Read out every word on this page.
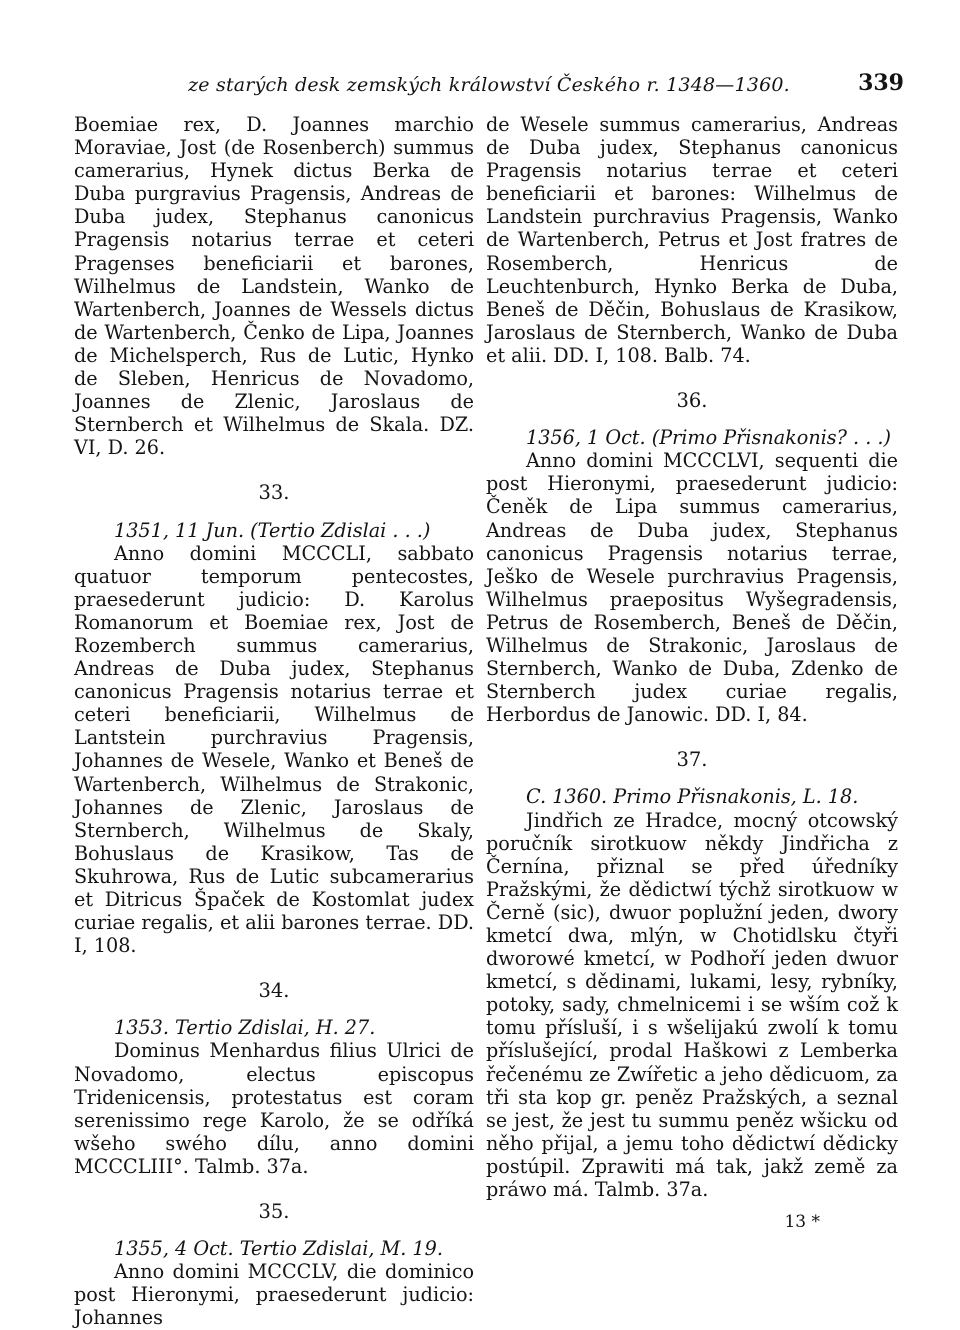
ze starých desk zemských králowství Českého r. 1348—1360.	339

Boemiae rex, D. Joannes marchio Moraviae, Jost (de Rosenberch) summus camerarius, Hynek dictus Berka de Duba purgravius Pragensis, Andreas de Duba judex, Stephanus canonicus Pragensis notarius terrae et ceteri Pragenses beneficiarii et barones, Wilhelmus de Landstein, Wanko de Wartenberch, Joannes de Wessels dictus de Wartenberch, Čenko de Lipa, Joannes de Michelsperch, Rus de Lutic, Hynko de Sleben, Henricus de Novadomo, Joannes de Zlenic, Jaroslaus de Sternberch et Wilhelmus de Skala. DZ. VI, D. 26.

33.

1351, 11 Jun. (Tertio Zdislai . . .)

Anno domini MCCCLI, sabbato quatuor temporum pentecostes, praesederunt judicio: D. Karolus Romanorum et Boemiae rex, Jost de Rozemberch summus camerarius, Andreas de Duba judex, Stephanus canonicus Pragensis notarius terrae et ceteri beneficiarii, Wilhelmus de Lantstein purchravius Pragensis, Johannes de Wesele, Wanko et Beneš de Wartenberch, Wilhelmus de Strakonic, Johannes de Zlenic, Jaroslaus de Sternberch, Wilhelmus de Skaly, Bohuslaus de Krasikow, Tas de Skuhrowa, Rus de Lutic subcamerarius et Ditricus Špaček de Kostomlat judex curiae regalis, et alii barones terrae. DD. I, 108.

34.

1353. Tertio Zdislai, H. 27.

Dominus Menhardus filius Ulrici de Novadomo, electus episcopus Tridenicensis, protestatus est coram serenissimo rege Karolo, že se odříká wšeho swého dílu, anno domini MCCCLIII°. Talmb. 37a.

35.

1355, 4 Oct. Tertio Zdislai, M. 19.

Anno domini MCCCLV, die dominico post Hieronymi, praesederunt judicio: Johannes

de Wesele summus camerarius, Andreas de Duba judex, Stephanus canonicus Pragensis notarius terrae et ceteri beneficiarii et barones: Wilhelmus de Landstein purchravius Pragensis, Wanko de Wartenberch, Petrus et Jost fratres de Rosemberch, Henricus de Leuchtenburch, Hynko Berka de Duba, Beneš de Děčin, Bohuslaus de Krasikow, Jaroslaus de Sternberch, Wanko de Duba et alii. DD. I, 108. Balb. 74.

36.

1356, 1 Oct. (Primo Přisnakonis? . . .)

Anno domini MCCCLVI, sequenti die post Hieronymi, praesederunt judicio: Čeněk de Lipa summus camerarius, Andreas de Duba judex, Stephanus canonicus Pragensis notarius terrae, Ješko de Wesele purchravius Pragensis, Wilhelmus praepositus Wyšegradensis, Petrus de Rosemberch, Beneš de Děčin, Wilhelmus de Strakonic, Jaroslaus de Sternberch, Wanko de Duba, Zdenko de Sternberch judex curiae regalis, Herbordus de Janowic. DD. I, 84.

37.

C. 1360. Primo Přisnakonis, L. 18.

Jindřich ze Hradce, mocný otcowský poručník sirotkuow někdy Jindřicha z Černína, přiznal se před úředníky Pražskými, že dědictwí týchž sirotkuow w Černě (sic), dwuor poplužní jeden, dwory kmetcí dwa, mlýn, w Chotidlsku čtyři dworowé kmetcí, w Podhoří jeden dwuor kmetcí, s dědinami, lukami, lesy, rybníky, potoky, sady, chmelnicemi i se wším což k tomu přísluší, i s wšelijakú zwolí k tomu příslušející, prodal Haškowi z Lemberka řečenému ze Zwířetic a jeho dědicuom, za tři sta kop gr. peněz Pražských, a seznal se jest, že jest tu summu peněz wšicku od něho přijal, a jemu toho dědictwí dědicky postúpil. Zprawiti má tak, jakž země za práwo má. Talmb. 37a.

13 *
